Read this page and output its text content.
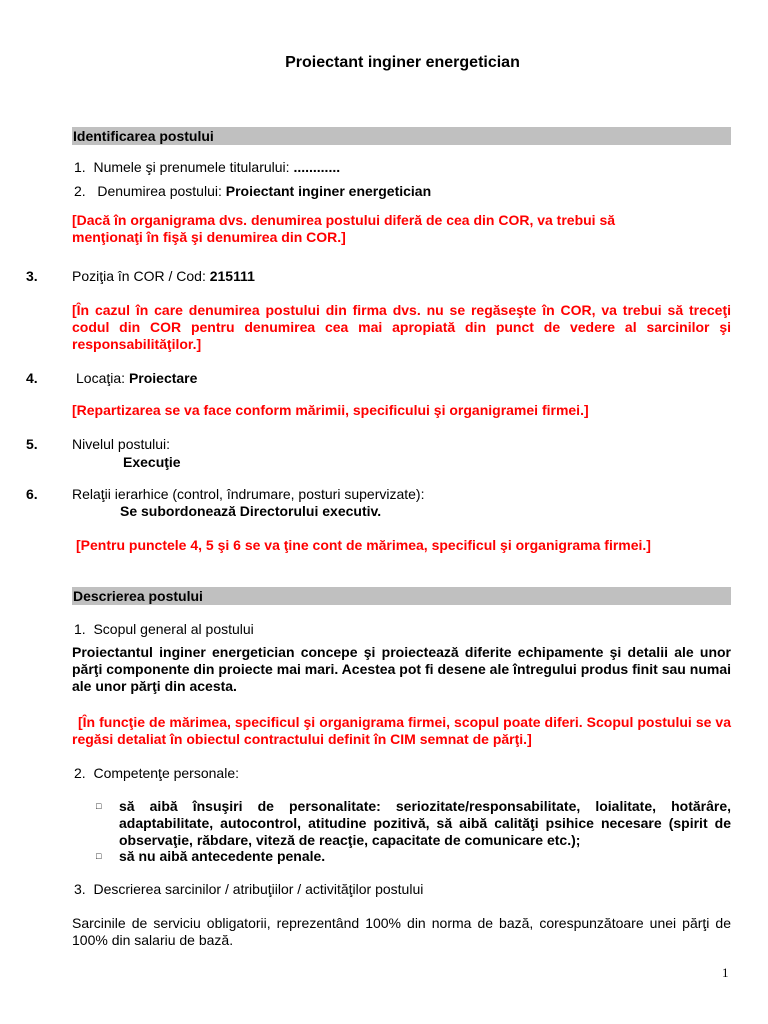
Proiectant inginer energetician
Identificarea postului
1.  Numele şi prenumele titularului: ............
2.   Denumirea postului: Proiectant inginer energetician
[Dacă în organigrama dvs. denumirea postului diferă de cea din COR, va trebui să
menţionaţi în fişă şi denumirea din COR.]
3. Poziţia în COR / Cod: 215111
[În cazul în care denumirea postului din firma dvs. nu se regăseşte în COR, va trebui să treceţi codul din COR pentru denumirea cea mai apropiată din punct de vedere al sarcinilor şi responsabilităţilor.]
4.	Locaţia: Proiectare
[Repartizarea se va face conform mărimii, specificului şi organigramei firmei.]
5. Nivelul postului:
Execuţie
6. Relaţii ierarhice (control, îndrumare, posturi supervizate):
Se subordonează Directorului executiv.
[Pentru punctele 4, 5 şi 6 se va ţine cont de mărimea, specificul şi organigrama firmei.]
Descrierea postului
1.  Scopul general al postului
Proiectantul inginer energetician concepe şi proiectează diferite echipamente şi detalii ale unor părţi componente din proiecte mai mari. Acestea pot fi desene ale întregului produs finit sau numai ale unor părţi din acesta.
[În funcţie de mărimea, specificul şi organigrama firmei, scopul poate diferi. Scopul postului se va regăsi detaliat în obiectul contractului definit în CIM semnat de părţi.]
2.  Competenţe personale:
□ să aibă însuşiri de personalitate: seriozitate/responsabilitate, loialitate, hotărâre, adaptabilitate, autocontrol, atitudine pozitivă, să aibă calităţi psihice necesare (spirit de observaţie, răbdare, viteză de reacţie, capacitate de comunicare etc.);
□ să nu aibă antecedente penale.
3.  Descrierea sarcinilor / atribuţiilor / activităţilor postului
Sarcinile de serviciu obligatorii, reprezentând 100% din norma de bază, corespunzătoare unei părţi de 100% din salariu de bază.
1
